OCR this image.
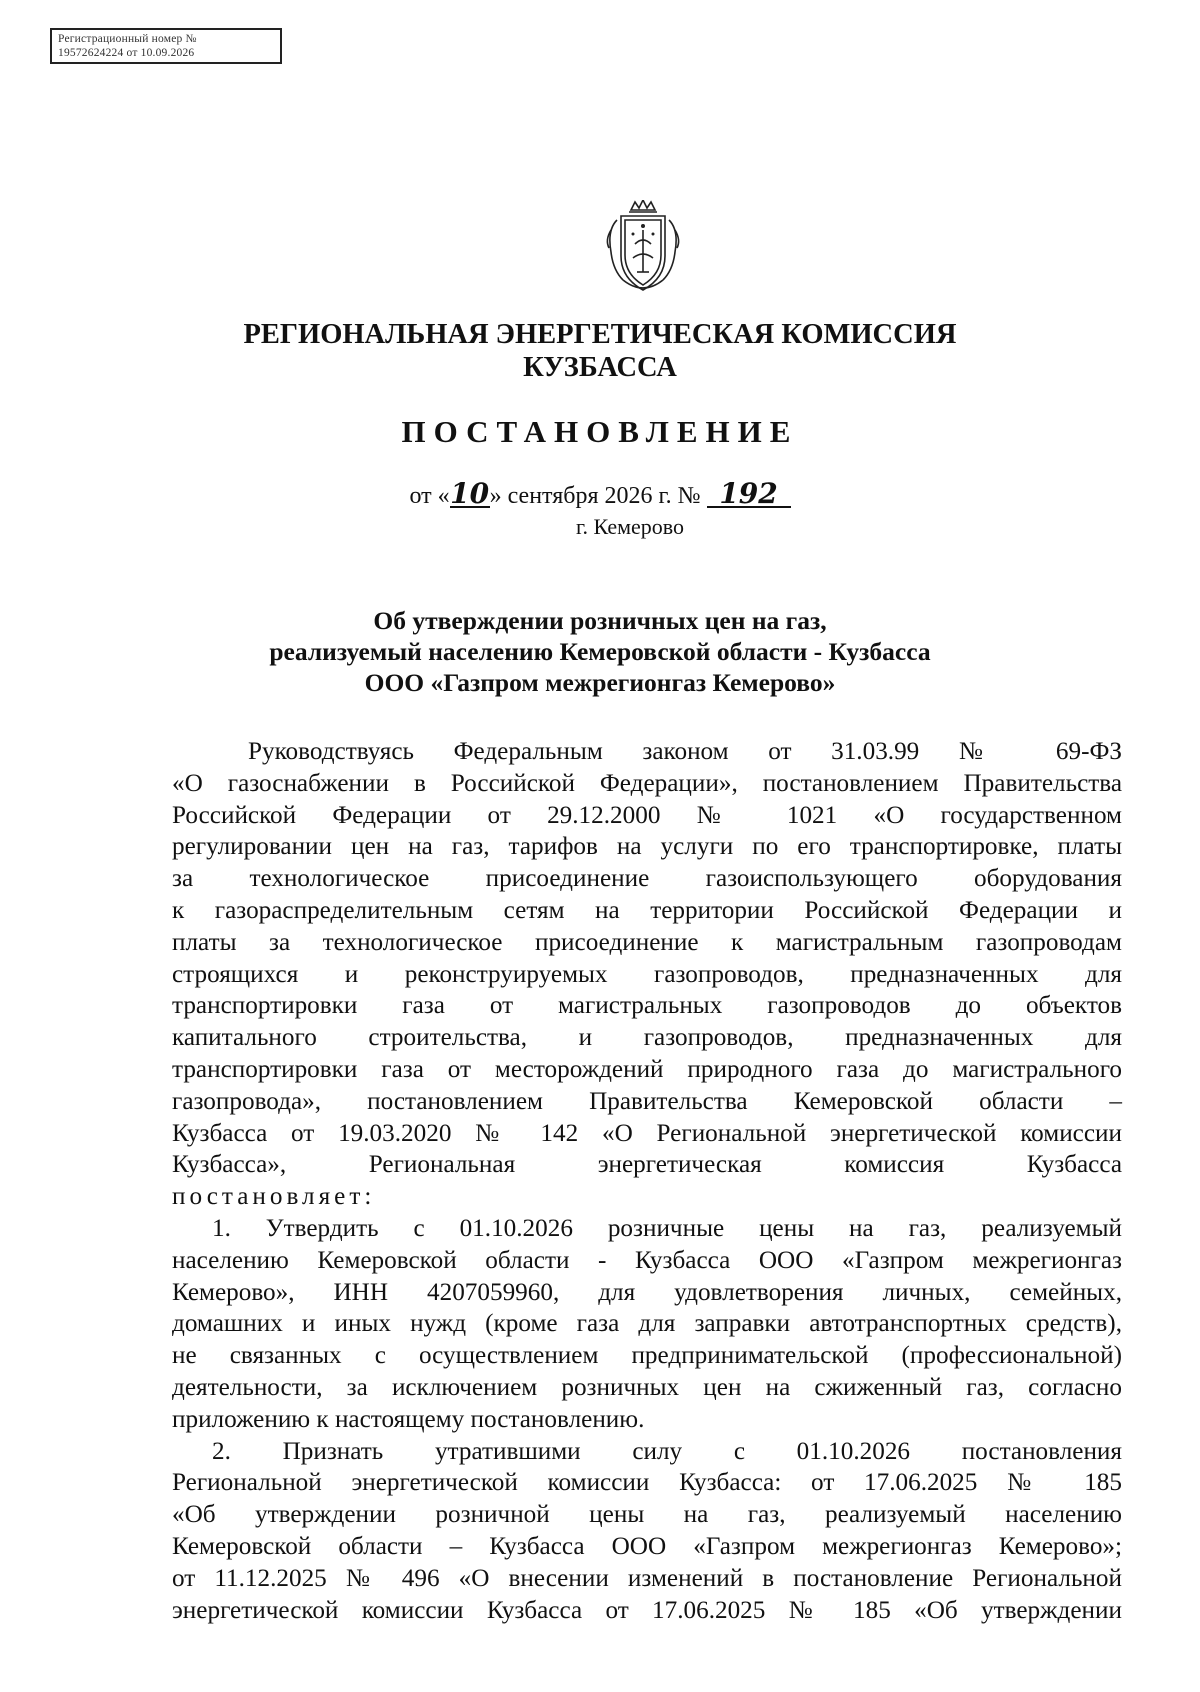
Регистрационный номер №
19572624224 от 10.09.2026
РЕГИОНАЛЬНАЯ ЭНЕРГЕТИЧЕСКАЯ КОМИССИЯ
КУЗБАССА
ПОСТАНОВЛЕНИЕ
от «10» сентября 2026 г. № 192
г. Кемерово
Об утверждении розничных цен на газ,
реализуемый населению Кемеровской области - Кузбасса
ООО «Газпром межрегионгаз Кемерово»
Руководствуясь Федеральным законом от 31.03.99 № 69-ФЗ
«О газоснабжении в Российской Федерации», постановлением Правительства
Российской Федерации от 29.12.2000 № 1021 «О государственном
регулировании цен на газ, тарифов на услуги по его транспортировке, платы
за технологическое присоединение газоиспользующего оборудования
к газораспределительным сетям на территории Российской Федерации и
платы за технологическое присоединение к магистральным газопроводам
строящихся и реконструируемых газопроводов, предназначенных для
транспортировки газа от магистральных газопроводов до объектов
капитального строительства, и газопроводов, предназначенных для
транспортировки газа от месторождений природного газа до магистрального
газопровода», постановлением Правительства Кемеровской области –
Кузбасса от 19.03.2020 № 142 «О Региональной энергетической комиссии
Кузбасса», Региональная энергетическая комиссия Кузбасса
постановляет:
1. Утвердить с 01.10.2026 розничные цены на газ, реализуемый
населению Кемеровской области - Кузбасса ООО «Газпром межрегионгаз
Кемерово», ИНН 4207059960, для удовлетворения личных, семейных,
домашних и иных нужд (кроме газа для заправки автотранспортных средств),
не связанных с осуществлением предпринимательской (профессиональной)
деятельности, за исключением розничных цен на сжиженный газ, согласно
приложению к настоящему постановлению.
2. Признать утратившими силу с 01.10.2026 постановления
Региональной энергетической комиссии Кузбасса: от 17.06.2025 № 185
«Об утверждении розничной цены на газ, реализуемый населению
Кемеровской области – Кузбасса ООО «Газпром межрегионгаз Кемерово»;
от 11.12.2025 № 496 «О внесении изменений в постановление Региональной
энергетической комиссии Кузбасса от 17.06.2025 № 185 «Об утверждении
